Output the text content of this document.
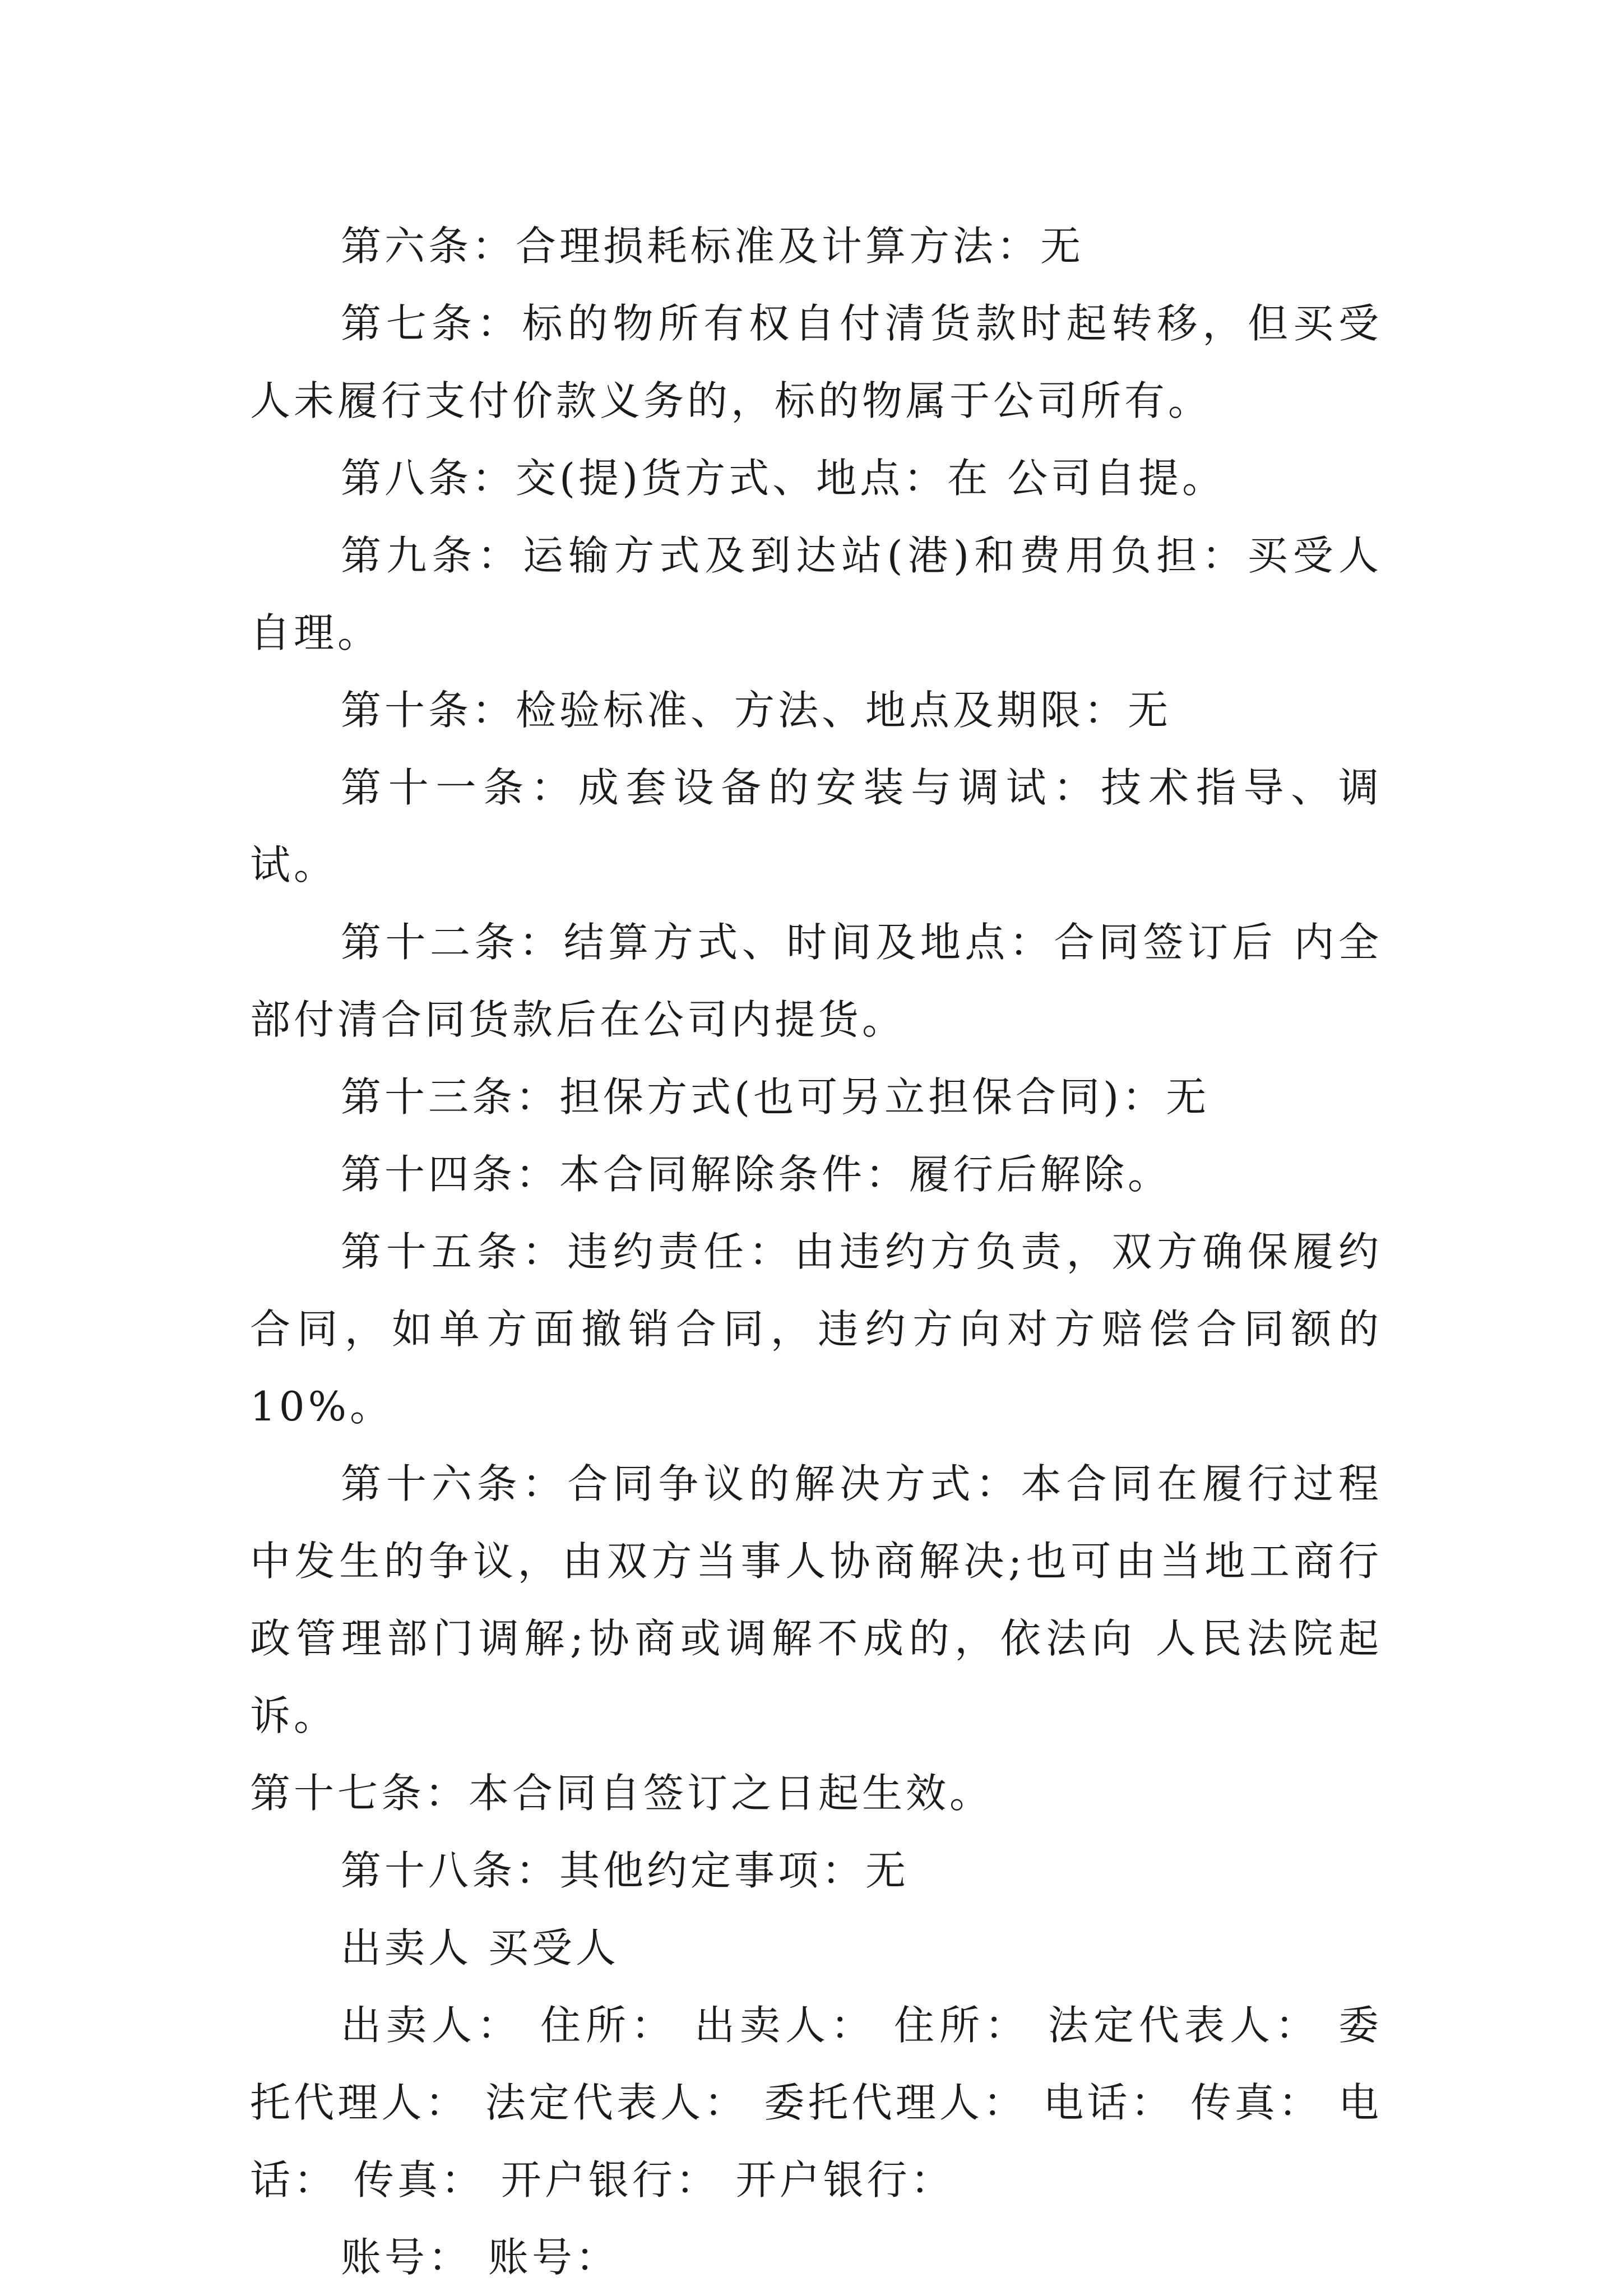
第六条：合理损耗标准及计算方法：无

第七条：标的物所有权自付清货款时起转移，但买受人未履行支付价款义务的，标的物属于公司所有。

第八条：交(提)货方式、地点：在 公司自提。

第九条：运输方式及到达站(港)和费用负担：买受人自理。

第十条：检验标准、方法、地点及期限：无

第十一条：成套设备的安装与调试：技术指导、调试。

第十二条：结算方式、时间及地点：合同签订后 内全部付清合同货款后在公司内提货。

第十三条：担保方式(也可另立担保合同)：无

第十四条：本合同解除条件：履行后解除。

第十五条：违约责任：由违约方负责，双方确保履约合同，如单方面撤销合同，违约方向对方赔偿合同额的10%。

第十六条：合同争议的解决方式：本合同在履行过程中发生的争议，由双方当事人协商解决;也可由当地工商行政管理部门调解;协商或调解不成的，依法向 人民法院起诉。

第十七条：本合同自签订之日起生效。

第十八条：其他约定事项：无

出卖人 买受人

出卖人： 住所： 出卖人： 住所： 法定代表人： 委托代理人： 法定代表人： 委托代理人： 电话： 传真： 电话： 传真： 开户银行： 开户银行：

账号： 账号：
